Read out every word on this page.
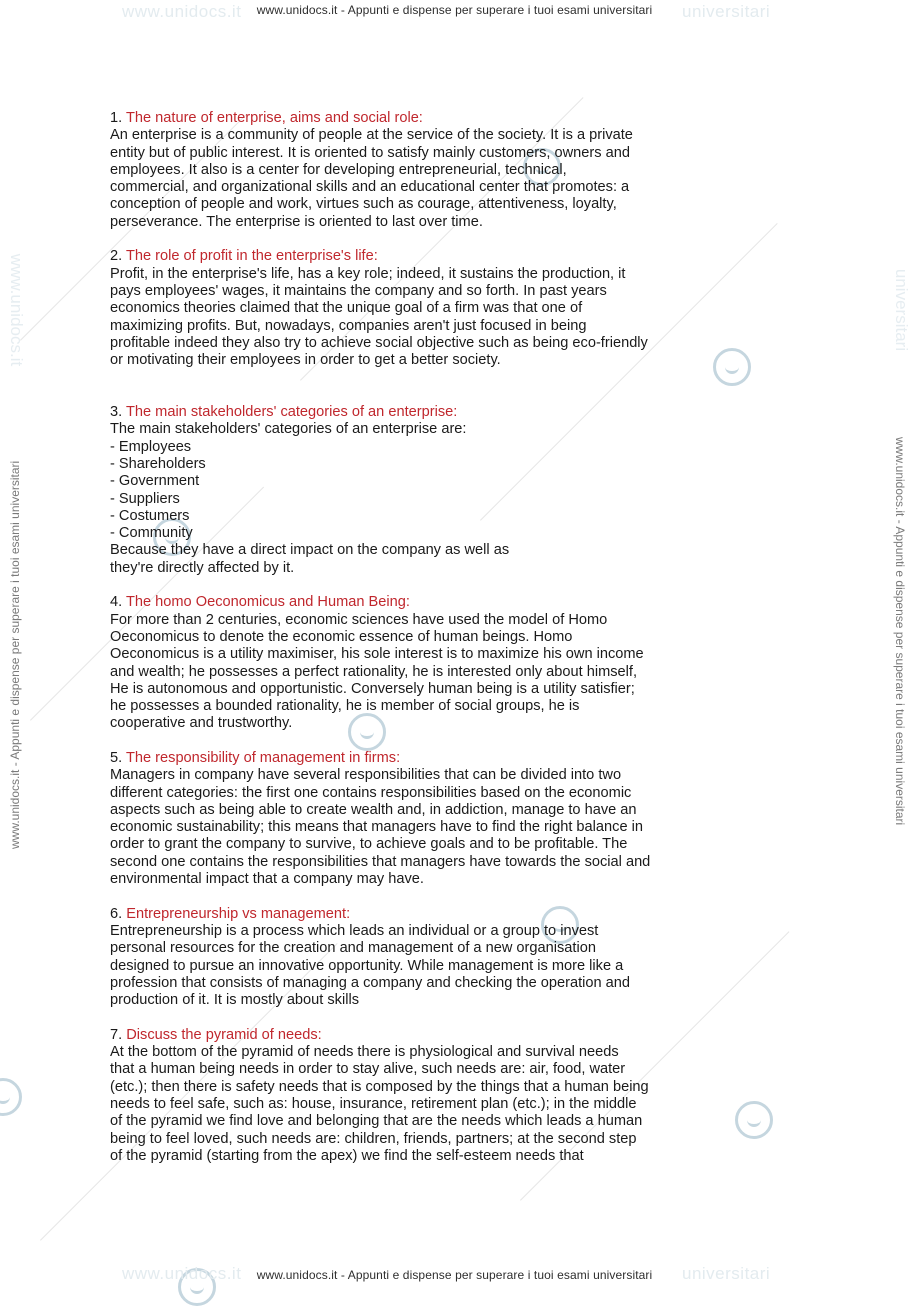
www.unidocs.it	universitari
www.unidocs.it - Appunti e dispense per superare i tuoi esami universitari
www.unidocs.it - Appunti e dispense per superare i tuoi esami universitari
www.unidocs.it
www.unidocs.it - Appunti e dispense per superare i tuoi esami universitari
universitari
1. The nature of enterprise, aims and social role:
An enterprise is a community of people at the service of the society. It is a private
entity but of public interest. It is oriented to satisfy mainly customers, owners and
employees. It also is a center for developing entrepreneurial, technical,
commercial, and organizational skills and an educational center that promotes: a
conception of people and work, virtues such as courage, attentiveness, loyalty,
perseverance. The enterprise is oriented to last over time.
2. The role of profit in the enterprise's life:
Profit, in the enterprise's life, has a key role; indeed, it sustains the production, it
pays employees' wages, it maintains the company and so forth. In past years
economics theories claimed that the unique goal of a firm was that one of
maximizing profits. But, nowadays, companies aren't just focused in being
profitable indeed they also try to achieve social objective such as being eco-friendly
or motivating their employees in order to get a better society.
3. The main stakeholders' categories of an enterprise:
The main stakeholders' categories of an enterprise are:
- Employees
- Shareholders
- Government
- Suppliers
- Costumers
- Community
Because they have a direct impact on the company as well as
they're directly affected by it.
4. The homo Oeconomicus and Human Being:
For more than 2 centuries, economic sciences have used the model of Homo
Oeconomicus to denote the economic essence of human beings. Homo
Oeconomicus is a utility maximiser, his sole interest is to maximize his own income
and wealth; he possesses a perfect rationality, he is interested only about himself,
He is autonomous and opportunistic. Conversely human being is a utility satisfier;
he possesses a bounded rationality, he is member of social groups, he is
cooperative and trustworthy.
5. The responsibility of management in firms:
Managers in company have several responsibilities that can be divided into two
different categories: the first one contains responsibilities based on the economic
aspects such as being able to create wealth and, in addiction, manage to have an
economic sustainability; this means that managers have to find the right balance in
order to grant the company to survive, to achieve goals and to be profitable. The
second one contains the responsibilities that managers have towards the social and
environmental impact that a company may have.
6. Entrepreneurship vs management:
Entrepreneurship is a process which leads an individual or a group to invest
personal resources for the creation and management of a new organisation
designed to pursue an innovative opportunity. While management is more like a
profession that consists of managing a company and checking the operation and
production of it. It is mostly about skills
7. Discuss the pyramid of needs:
At the bottom of the pyramid of needs there is physiological and survival needs
that a human being needs in order to stay alive, such needs are: air, food, water
(etc.); then there is safety needs that is composed by the things that a human being
needs to feel safe, such as: house, insurance, retirement plan (etc.); in the middle
of the pyramid we find love and belonging that are the needs which leads a human
being to feel loved, such needs are: children, friends, partners; at the second step
of the pyramid (starting from the apex) we find the self-esteem needs that
www.unidocs.it	universitari
www.unidocs.it - Appunti e dispense per superare i tuoi esami universitari
